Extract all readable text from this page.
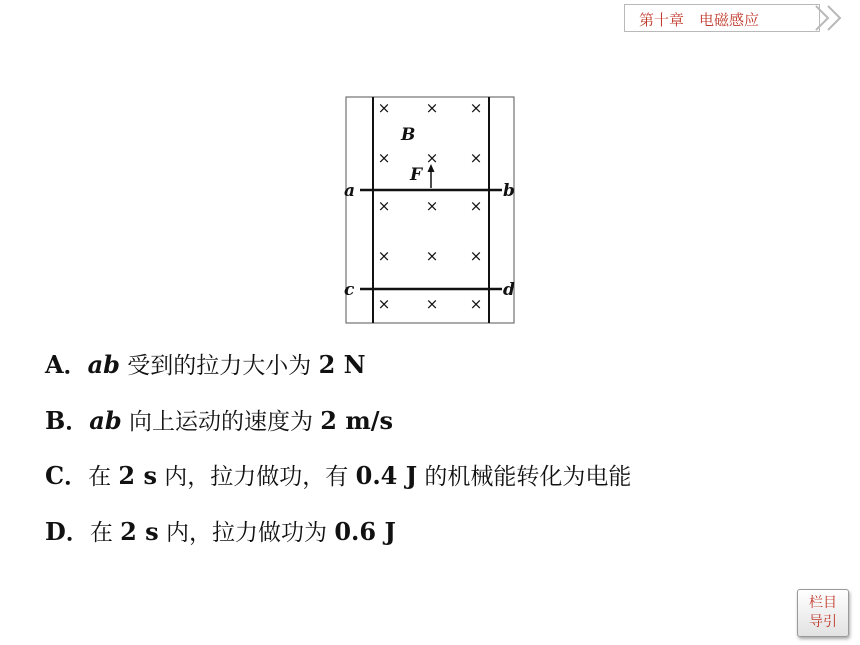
第十章　电磁感应
× × ×
× × ×
× × ×
× × ×
× × ×
B
F
a	b
c	d
A．ab 受到的拉力大小为 2 N
B．ab 向上运动的速度为 2 m/s
C．在 2 s 内，拉力做功，有 0.4 J 的机械能转化为电能
D．在 2 s 内，拉力做功为 0.6 J
栏目
导引
